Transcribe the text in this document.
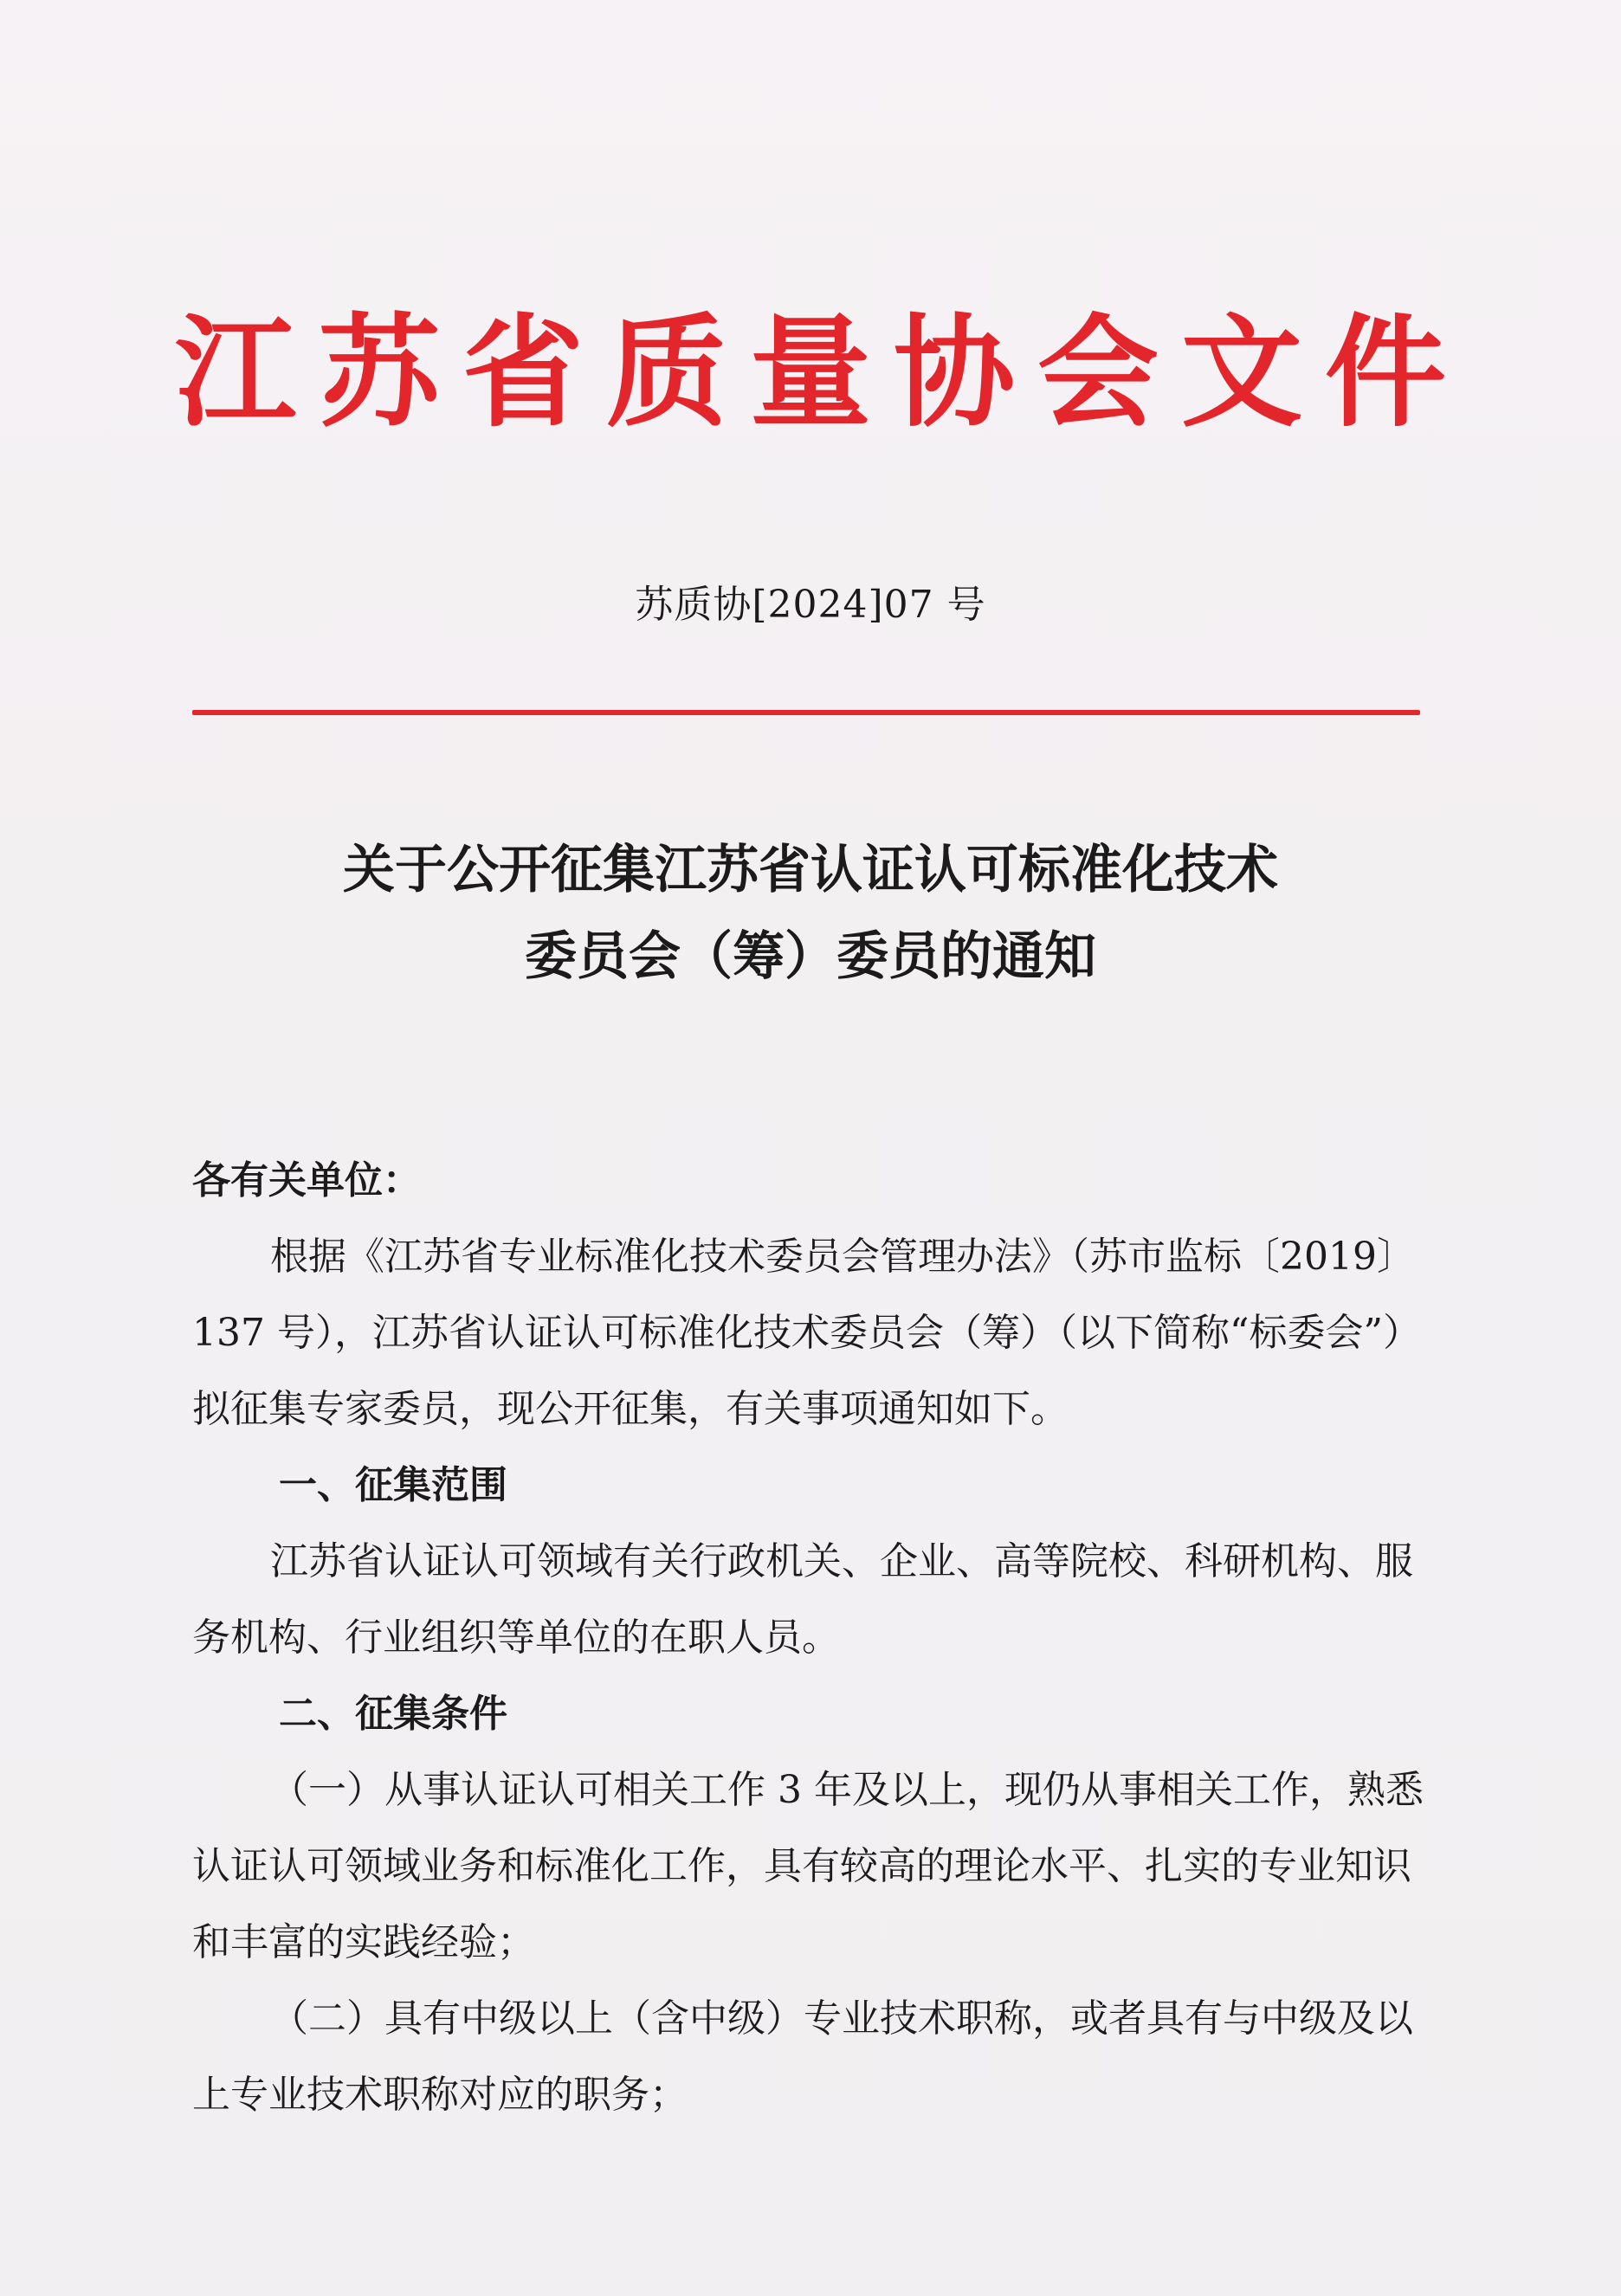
江苏省质量协会文件
苏质协[2024]07 号
关于公开征集江苏省认证认可标准化技术
委员会（筹）委员的通知

各有关单位：

根据《江苏省专业标准化技术委员会管理办法》（苏市监标〔2019〕137 号），江苏省认证认可标准化技术委员会（筹）（以下简称“标委会”）拟征集专家委员，现公开征集，有关事项通知如下。

一、征集范围

江苏省认证认可领域有关行政机关、企业、高等院校、科研机构、服务机构、行业组织等单位的在职人员。

二、征集条件

（一）从事认证认可相关工作 3 年及以上，现仍从事相关工作，熟悉认证认可领域业务和标准化工作，具有较高的理论水平、扎实的专业知识和丰富的实践经验；

（二）具有中级以上（含中级）专业技术职称，或者具有与中级及以上专业技术职称对应的职务；
